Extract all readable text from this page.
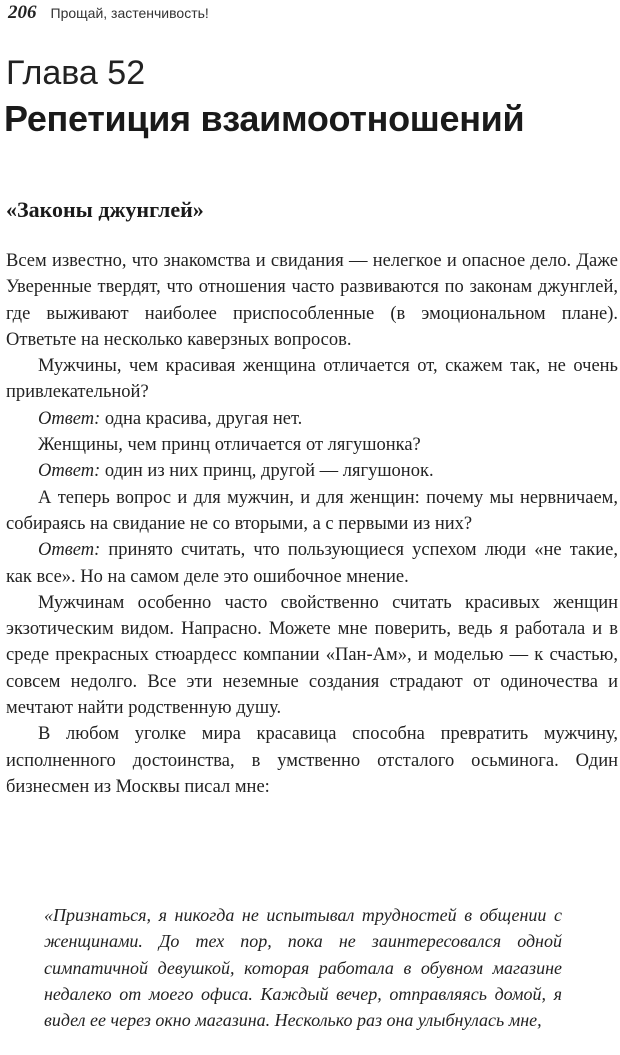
206 Прощай, застенчивость!
Глава 52
Репетиция взаимоотношений
«Законы джунглей»

Всем известно, что знакомства и свидания — нелегкое и опасное дело. Даже Уверенные твердят, что отношения часто развиваются по законам джунглей, где выживают наиболее приспособленные (в эмоциональном плане). Ответьте на несколько каверзных вопросов.

Мужчины, чем красивая женщина отличается от, скажем так, не очень привлекательной?

Ответ: одна красива, другая нет.

Женщины, чем принц отличается от лягушонка?

Ответ: один из них принц, другой — лягушонок.

А теперь вопрос и для мужчин, и для женщин: почему мы нервничаем, собираясь на свидание не со вторыми, а с первыми из них?

Ответ: принято считать, что пользующиеся успехом люди «не такие, как все». Но на самом деле это ошибочное мнение.

Мужчинам особенно часто свойственно считать красивых женщин экзотическим видом. Напрасно. Можете мне поверить, ведь я работала и в среде прекрасных стюардесс компании «Пан-Ам», и моделью — к счастью, совсем недолго. Все эти неземные создания страдают от одиночества и мечтают найти родственную душу.

В любом уголке мира красавица способна превратить мужчину, исполненного достоинства, в умственно отсталого осьминога. Один бизнесмен из Москвы писал мне:

«Признаться, я никогда не испытывал трудностей в общении с женщинами. До тех пор, пока не заинтересовался одной симпатичной девушкой, которая работала в обувном магазине недалеко от моего офиса. Каждый вечер, отправляясь домой, я видел ее через окно магазина. Несколько раз она улыбнулась мне,
